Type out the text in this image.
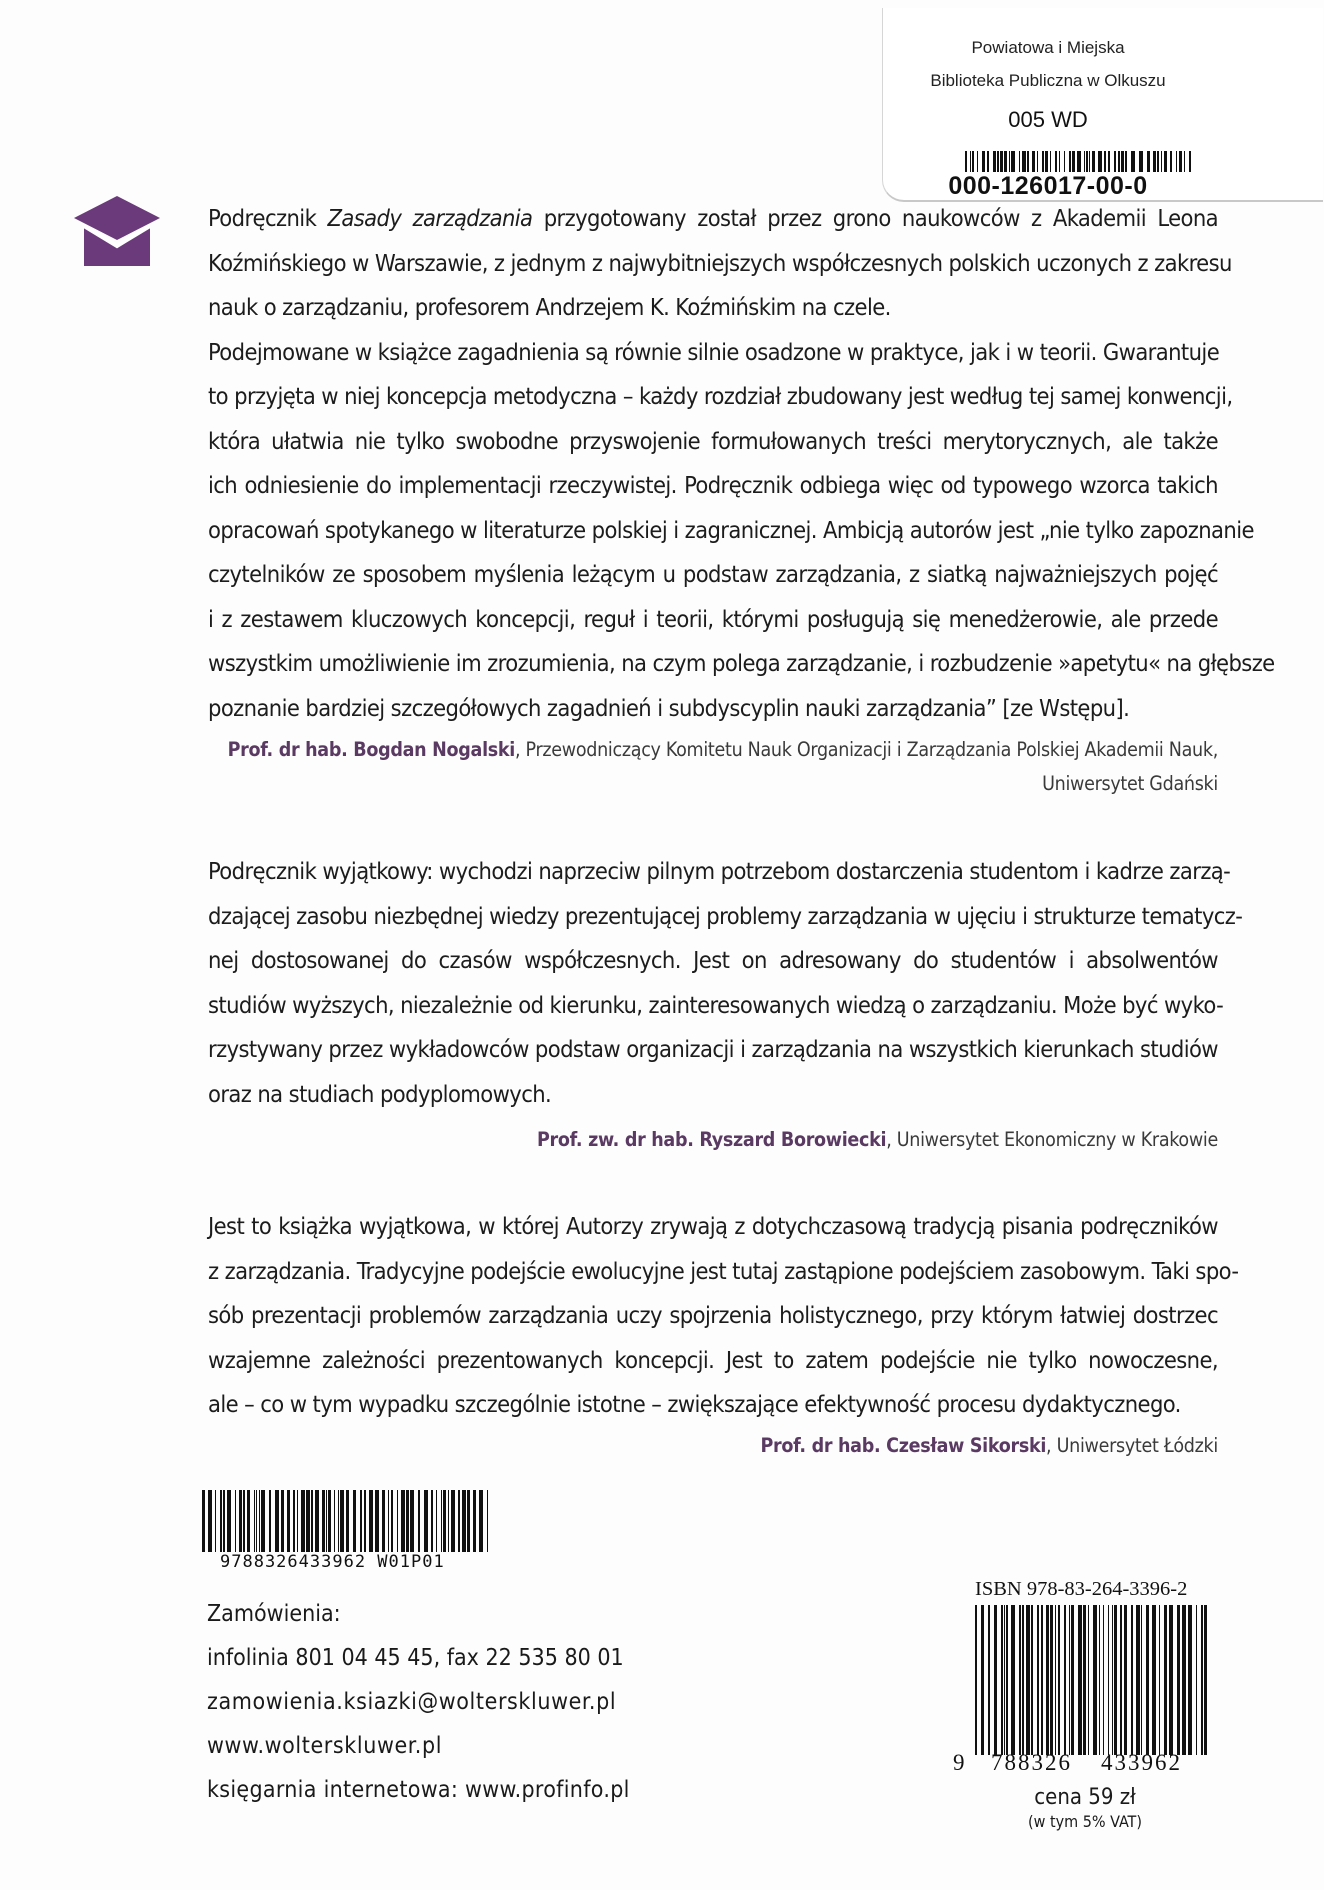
Powiatowa i Miejska
Biblioteka Publiczna w Olkuszu
005 WD
000-126017-00-0
Podręcznik Zasady zarządzania przygotowany został przez grono naukowców z Akademii Leona
Koźmińskiego w Warszawie, z jednym z najwybitniejszych współczesnych polskich uczonych z zakresu
nauk o zarządzaniu, profesorem Andrzejem K. Koźmińskim na czele.
Podejmowane w książce zagadnienia są równie silnie osadzone w praktyce, jak i w teorii. Gwarantuje
to przyjęta w niej koncepcja metodyczna – każdy rozdział zbudowany jest według tej samej konwencji,
która ułatwia nie tylko swobodne przyswojenie formułowanych treści merytorycznych, ale także
ich odniesienie do implementacji rzeczywistej. Podręcznik odbiega więc od typowego wzorca takich
opracowań spotykanego w literaturze polskiej i zagranicznej. Ambicją autorów jest „nie tylko zapoznanie
czytelników ze sposobem myślenia leżącym u podstaw zarządzania, z siatką najważniejszych pojęć
i z zestawem kluczowych koncepcji, reguł i teorii, którymi posługują się menedżerowie, ale przede
wszystkim umożliwienie im zrozumienia, na czym polega zarządzanie, i rozbudzenie »apetytu« na głębsze
poznanie bardziej szczegółowych zagadnień i subdyscyplin nauki zarządzania” [ze Wstępu].
Prof. dr hab. Bogdan Nogalski, Przewodniczący Komitetu Nauk Organizacji i Zarządzania Polskiej Akademii Nauk,
Uniwersytet Gdański
Podręcznik wyjątkowy: wychodzi naprzeciw pilnym potrzebom dostarczenia studentom i kadrze zarzą-
dzającej zasobu niezbędnej wiedzy prezentującej problemy zarządzania w ujęciu i strukturze tematycz-
nej dostosowanej do czasów współczesnych. Jest on adresowany do studentów i absolwentów
studiów wyższych, niezależnie od kierunku, zainteresowanych wiedzą o zarządzaniu. Może być wyko-
rzystywany przez wykładowców podstaw organizacji i zarządzania na wszystkich kierunkach studiów
oraz na studiach podyplomowych.
Prof. zw. dr hab. Ryszard Borowiecki, Uniwersytet Ekonomiczny w Krakowie
Jest to książka wyjątkowa, w której Autorzy zrywają z dotychczasową tradycją pisania podręczników
z zarządzania. Tradycyjne podejście ewolucyjne jest tutaj zastąpione podejściem zasobowym. Taki spo-
sób prezentacji problemów zarządzania uczy spojrzenia holistycznego, przy którym łatwiej dostrzec
wzajemne zależności prezentowanych koncepcji. Jest to zatem podejście nie tylko nowoczesne,
ale – co w tym wypadku szczególnie istotne – zwiększające efektywność procesu dydaktycznego.
Prof. dr hab. Czesław Sikorski, Uniwersytet Łódzki
9788326433962 W01P01
Zamówienia:
infolinia 801 04 45 45, fax 22 535 80 01
zamowienia.ksiazki@wolterskluwer.pl
www.wolterskluwer.pl
księgarnia internetowa: www.profinfo.pl
ISBN 978-83-264-3396-2
9 788326 433962
cena 59 zł
(w tym 5% VAT)
